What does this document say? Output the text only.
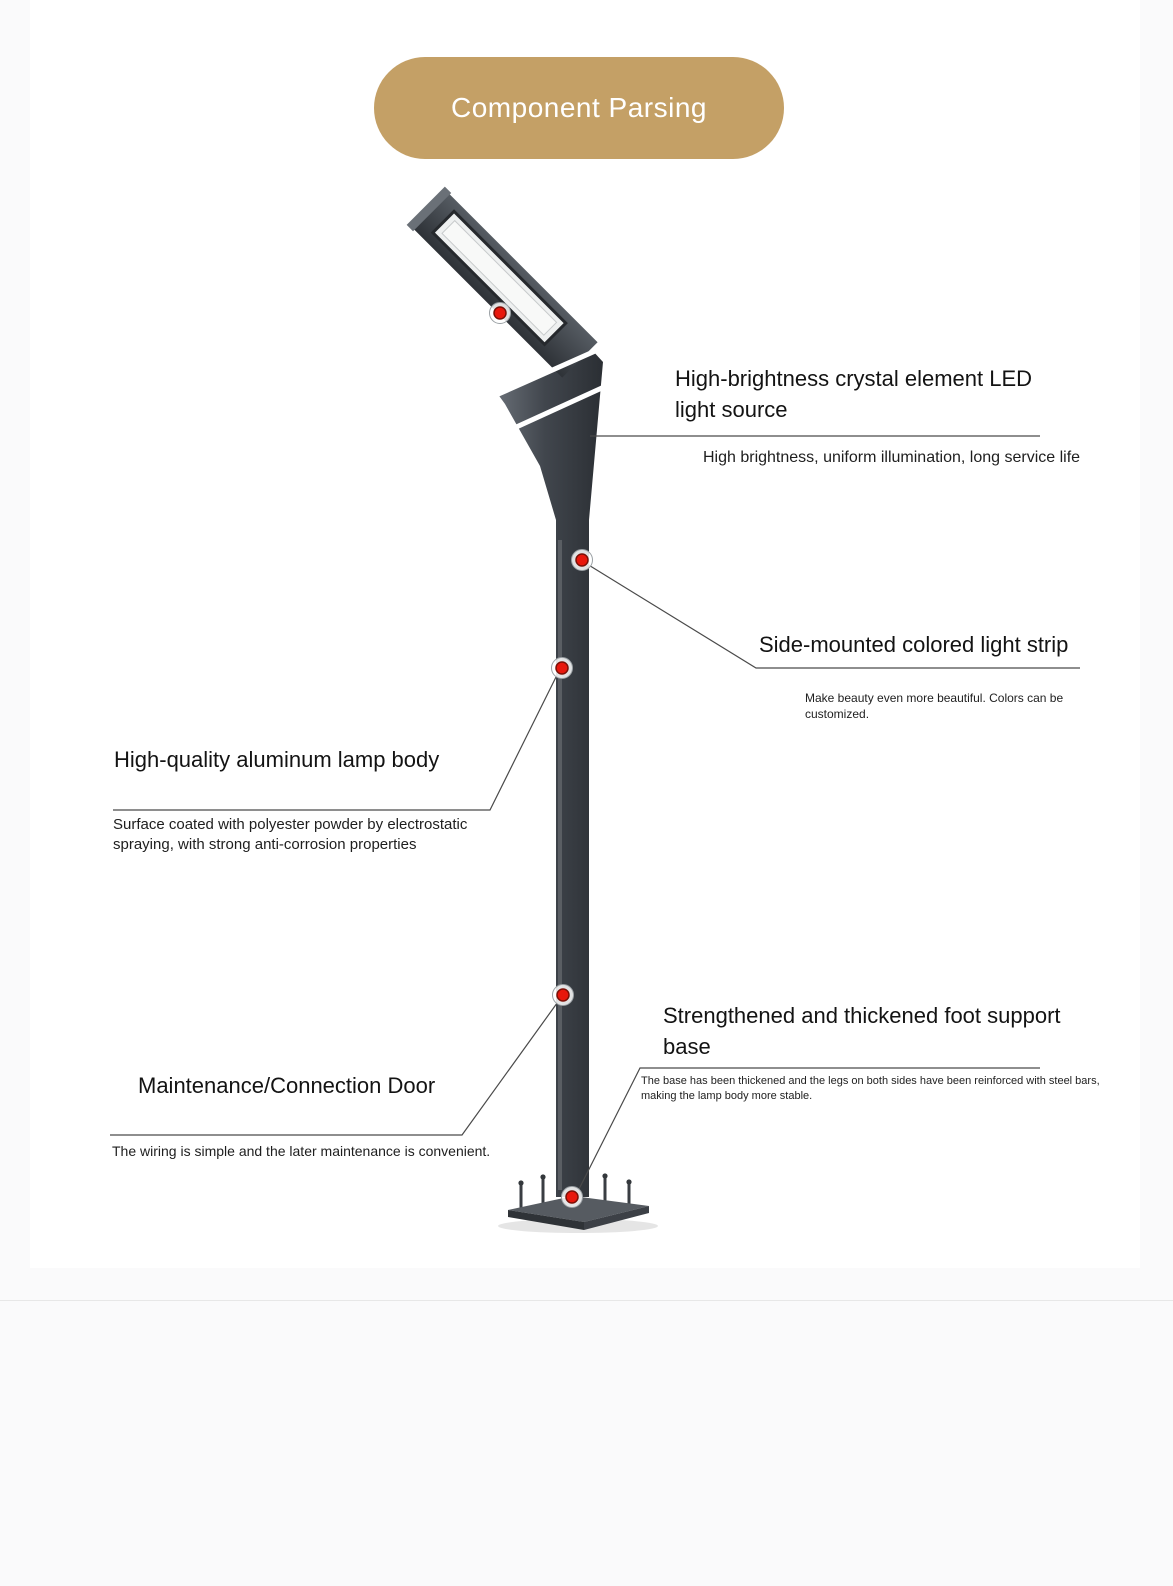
Component Parsing
High-brightness crystal element LED light source
High brightness, uniform illumination, long service life
Side-mounted colored light strip
Make beauty even more beautiful. Colors can be customized.
High-quality aluminum lamp body
Surface coated with polyester powder by electrostatic spraying, with strong anti-corrosion properties
Strengthened and thickened foot support base
The base has been thickened and the legs on both sides have been reinforced with steel bars, making the lamp body more stable.
Maintenance/Connection Door
The wiring is simple and the later maintenance is convenient.
